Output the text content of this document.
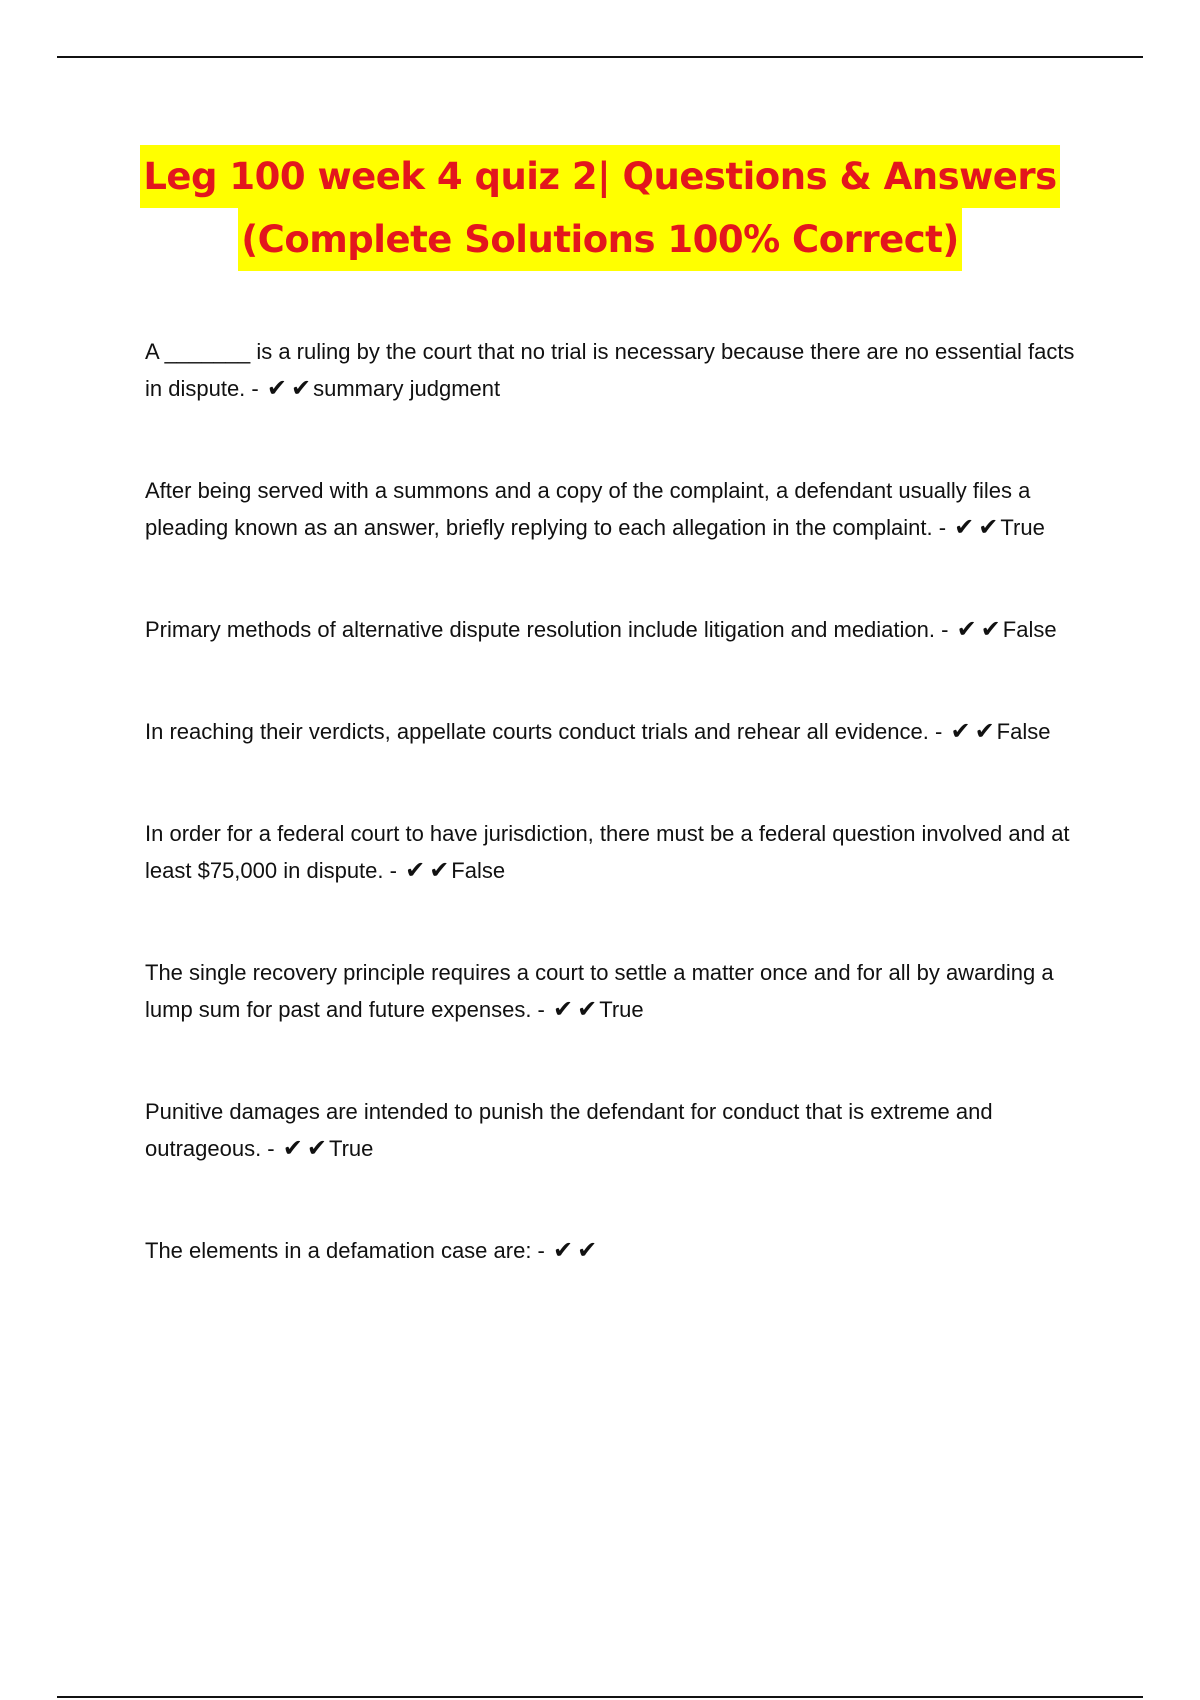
Leg 100 week 4 quiz 2| Questions & Answers
(Complete Solutions 100% Correct)
A _______ is a ruling by the court that no trial is necessary because there are no essential facts in dispute. - ✔ ✔summary judgment
After being served with a summons and a copy of the complaint, a defendant usually files a pleading known as an answer, briefly replying to each allegation in the complaint. - ✔ ✔True
Primary methods of alternative dispute resolution include litigation and mediation. - ✔ ✔False
In reaching their verdicts, appellate courts conduct trials and rehear all evidence. - ✔ ✔False
In order for a federal court to have jurisdiction, there must be a federal question involved and at least $75,000 in dispute. - ✔ ✔False
The single recovery principle requires a court to settle a matter once and for all by awarding a lump sum for past and future expenses. - ✔ ✔True
Punitive damages are intended to punish the defendant for conduct that is extreme and outrageous. - ✔ ✔True
The elements in a defamation case are: - ✔ ✔
